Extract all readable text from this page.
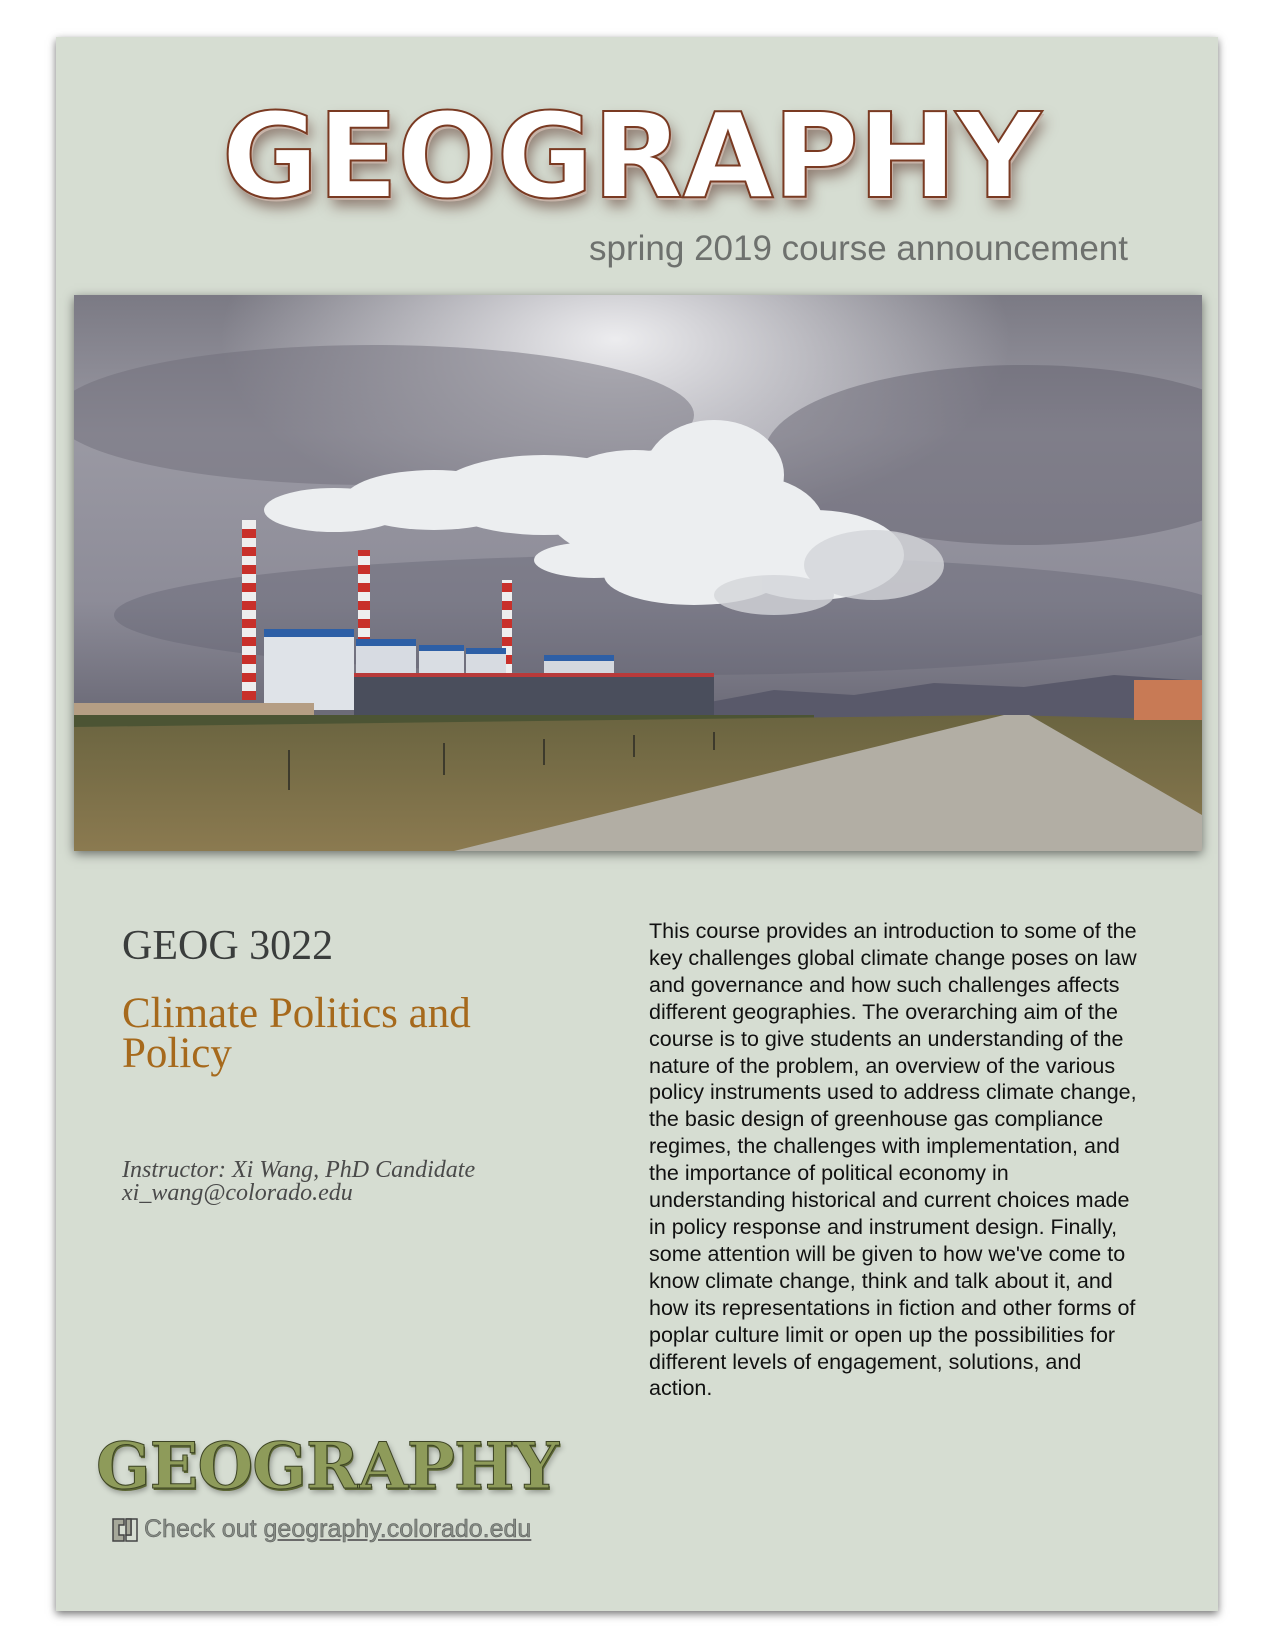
GEOGRAPHY
spring 2019 course announcement
GEOG 3022
Climate Politics and Policy
Instructor: Xi Wang, PhD Candidate
xi_wang@colorado.edu
This course provides an introduction to some of the key challenges global climate change poses on law and governance and how such challenges affects different geographies. The overarching aim of the course is to give students an understanding of the nature of the problem, an overview of the various policy instruments used to address climate change, the basic design of greenhouse gas compliance regimes, the challenges with implementation, and the importance of political economy in understanding historical and current choices made in policy response and instrument design. Finally, some attention will be given to how we've come to know climate change, think and talk about it, and how its representations in fiction and other forms of poplar culture limit or open up the possibilities for different levels of engagement, solutions, and action.
GEOGRAPHY
Check out
geography.colorado.edu
